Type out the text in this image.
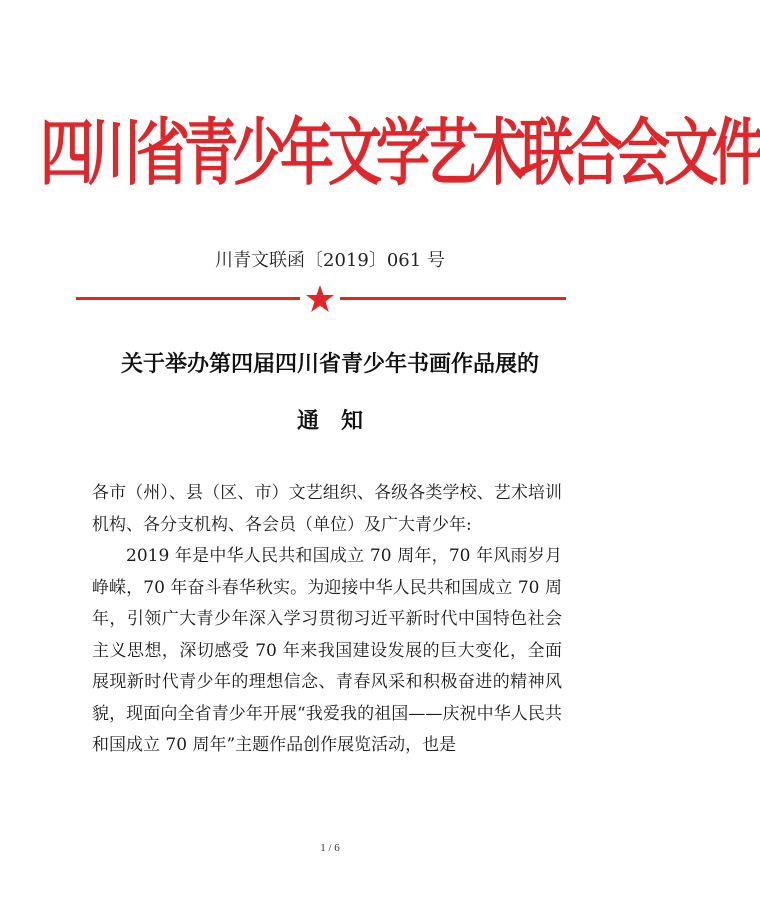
四川省青少年文学艺术联合会文件
川青文联函〔2019〕061 号
关于举办第四届四川省青少年书画作品展的
通　知

各市（州）、县（区、市）文艺组织、各级各类学校、艺术培训机构、各分支机构、各会员（单位）及广大青少年:

2019 年是中华人民共和国成立 70 周年，70 年风雨岁月峥嵘，70 年奋斗春华秋实。为迎接中华人民共和国成立 70 周年，引领广大青少年深入学习贯彻习近平新时代中国特色社会主义思想，深切感受 70 年来我国建设发展的巨大变化，全面展现新时代青少年的理想信念、青春风采和积极奋进的精神风貌，现面向全省青少年开展“我爱我的祖国——庆祝中华人民共和国成立 70 周年”主题作品创作展览活动，也是

1 / 6
